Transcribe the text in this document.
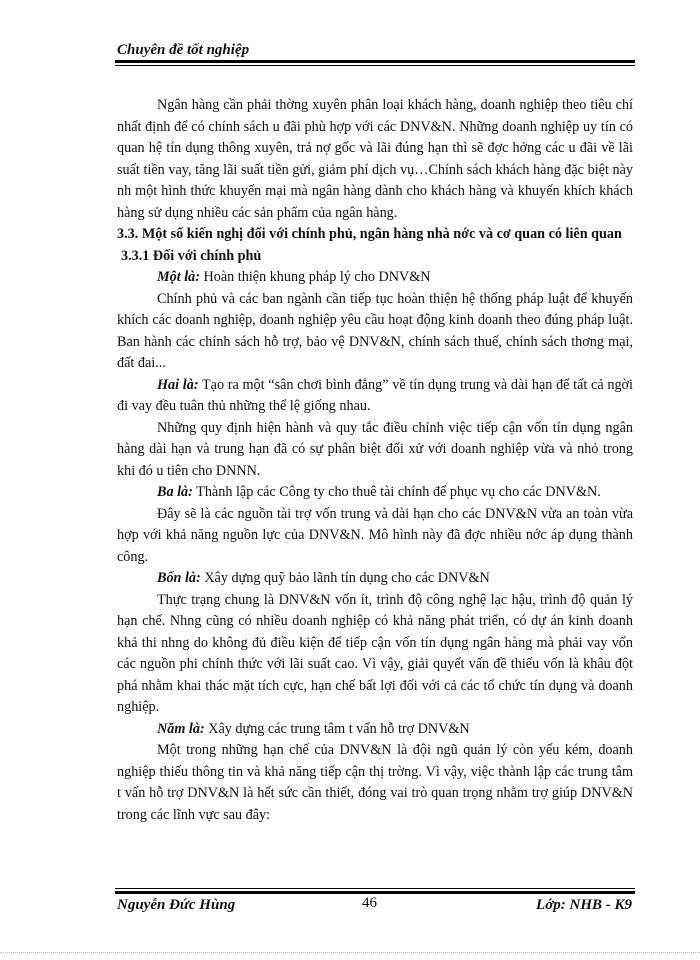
Chuyên đề tốt nghiệp

Ngân hàng cần phải thờng xuyên phân loại khách hàng, doanh nghiệp theo tiêu chí nhất định để có chính sách u đãi phù hợp với các DNV&N. Những doanh nghiệp uy tín có quan hệ tín dụng thông xuyên, trả nợ gốc và lãi đúng hạn thì sẽ đợc hởng các u đãi về lãi suất tiền vay, tăng lãi suất tiền gửi, giảm phí dịch vụ…Chính sách khách hàng đặc biệt này nh một hình thức khuyến mại mà ngân hàng dành cho khách hàng và khuyến khích khách hàng sử dụng nhiều các sản phẩm của ngân hàng.

3.3. Một số kiến nghị đối với chính phủ, ngân hàng nhà nớc và cơ quan có liên quan

3.3.1 Đối với chính phủ

Một là: Hoàn thiện khung pháp lý cho DNV&N

Chính phủ và các ban ngành cần tiếp tục hoàn thiện hệ thống pháp luật để khuyến khích các doanh nghiệp, doanh nghiệp yêu cầu hoạt động kinh doanh theo đúng pháp luật. Ban hành các chính sách hỗ trợ, bảo vệ DNV&N, chính sách thuế, chính sách thơng mại, đất đai...

Hai là: Tạo ra một “sân chơi bình đẳng” về tín dụng trung và dài hạn để tất cả ngời đi vay đều tuân thủ những thể lệ giống nhau.

Những quy định hiện hành và quy tắc điều chỉnh việc tiếp cận vốn tín dụng ngân hàng dài hạn và trung hạn đã có sự phân biệt đối xử với doanh nghiệp vừa và nhỏ trong khi đó u tiên cho DNNN.

Ba là: Thành lập các Công ty cho thuê tài chính để phục vụ cho các DNV&N.

Đây sẽ là các nguồn tài trợ vốn trung và dài hạn cho các DNV&N vừa an toàn vừa hợp với khả năng nguồn lực của DNV&N. Mô hình này đã đợc nhiều nớc áp dụng thành công.

Bốn là: Xây dựng quỹ bảo lãnh tín dụng cho các DNV&N

Thực trạng chung là DNV&N vốn ít, trình độ công nghệ lạc hậu, trình độ quản lý hạn chế. Nhng cũng có nhiều doanh nghiệp có khả năng phát triển, có dự án kinh doanh khả thi nhng do không đủ điều kiện để tiếp cận vốn tín dụng ngân hàng mà phải vay vốn các nguồn phi chính thức với lãi suất cao. Vì vậy, giải quyết vấn đề thiếu vốn là khâu đột phá nhằm khai thác mặt tích cực, hạn chế bất lợi đối với cả các tổ chức tín dụng và doanh nghiệp.

Năm là: Xây dựng các trung tâm t vấn hỗ trợ DNV&N

Một trong những hạn chế của DNV&N là đội ngũ quản lý còn yếu kém, doanh nghiệp thiếu thông tin và khả năng tiếp cận thị trờng. Vì vậy, việc thành lập các trung tâm t vấn hỗ trợ DNV&N là hết sức cần thiết, đóng vai trò quan trọng nhằm trợ giúp DNV&N trong các lĩnh vực sau đây:

Nguyễn Đức Hùng	46	Lớp: NHB - K9
